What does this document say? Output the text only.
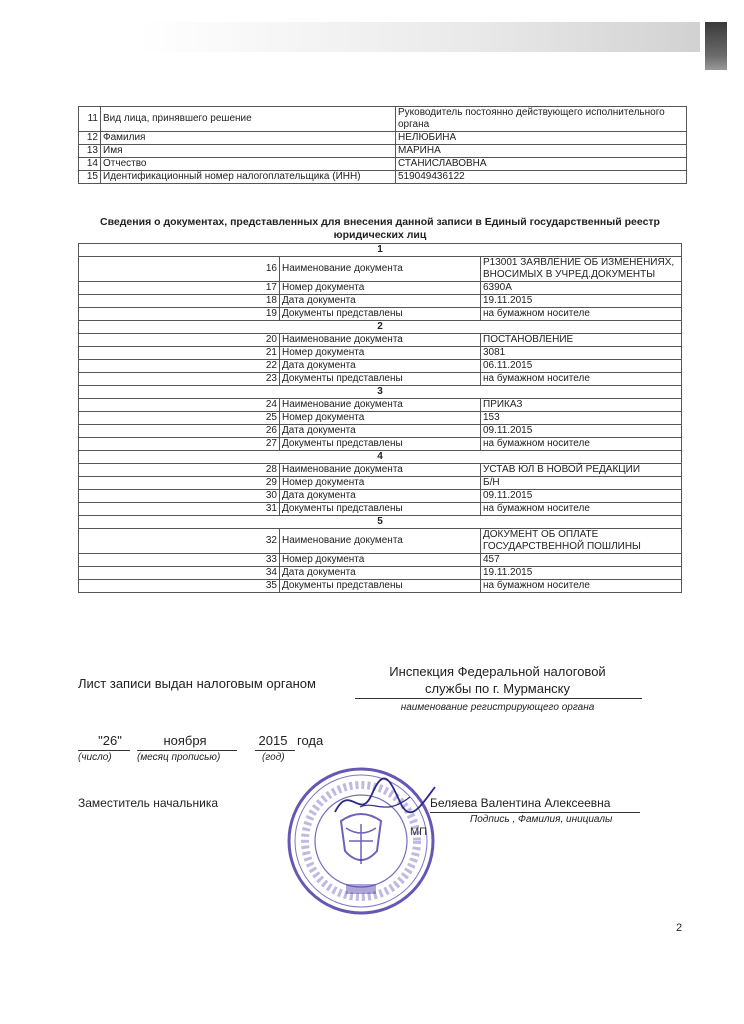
11	Вид лица, принявшего решение	Руководитель постоянно действующего исполнительного органа
12	Фамилия	НЕЛЮБИНА
13	Имя	МАРИНА
14	Отчество	СТАНИСЛАВОВНА
15	Идентификационный номер налогоплательщика (ИНН)	519049436122
Сведения о документах, представленных для внесения данной записи в Единый государственный реестр юридических лиц
1		
16	Наименование документа	Р13001 ЗАЯВЛЕНИЕ ОБ ИЗМЕНЕНИЯХ, ВНОСИМЫХ В УЧРЕД.ДОКУМЕНТЫ
17	Номер документа	6390А
18	Дата документа	19.11.2015
19	Документы представлены	на бумажном носителе
2		
20	Наименование документа	ПОСТАНОВЛЕНИЕ
21	Номер документа	3081
22	Дата документа	06.11.2015
23	Документы представлены	на бумажном носителе
3		
24	Наименование документа	ПРИКАЗ
25	Номер документа	153
26	Дата документа	09.11.2015
27	Документы представлены	на бумажном носителе
4		
28	Наименование документа	УСТАВ ЮЛ В НОВОЙ РЕДАКЦИИ
29	Номер документа	Б/Н
30	Дата документа	09.11.2015
31	Документы представлены	на бумажном носителе
5		
32	Наименование документа	ДОКУМЕНТ ОБ ОПЛАТЕ ГОСУДАРСТВЕННОЙ ПОШЛИНЫ
33	Номер документа	457
34	Дата документа	19.11.2015
35	Документы представлены	на бумажном носителе
Лист записи выдан налоговым органом
Инспекция Федеральной налоговой
службы по г. Мурманску
наименование регистрирующего органа
"26"
(число)
ноября
(месяц прописью)
2015 года
(год)
Заместитель начальника	Беляева Валентина Алексеевна
Подпись , Фамилия, инициалы
МП
2
